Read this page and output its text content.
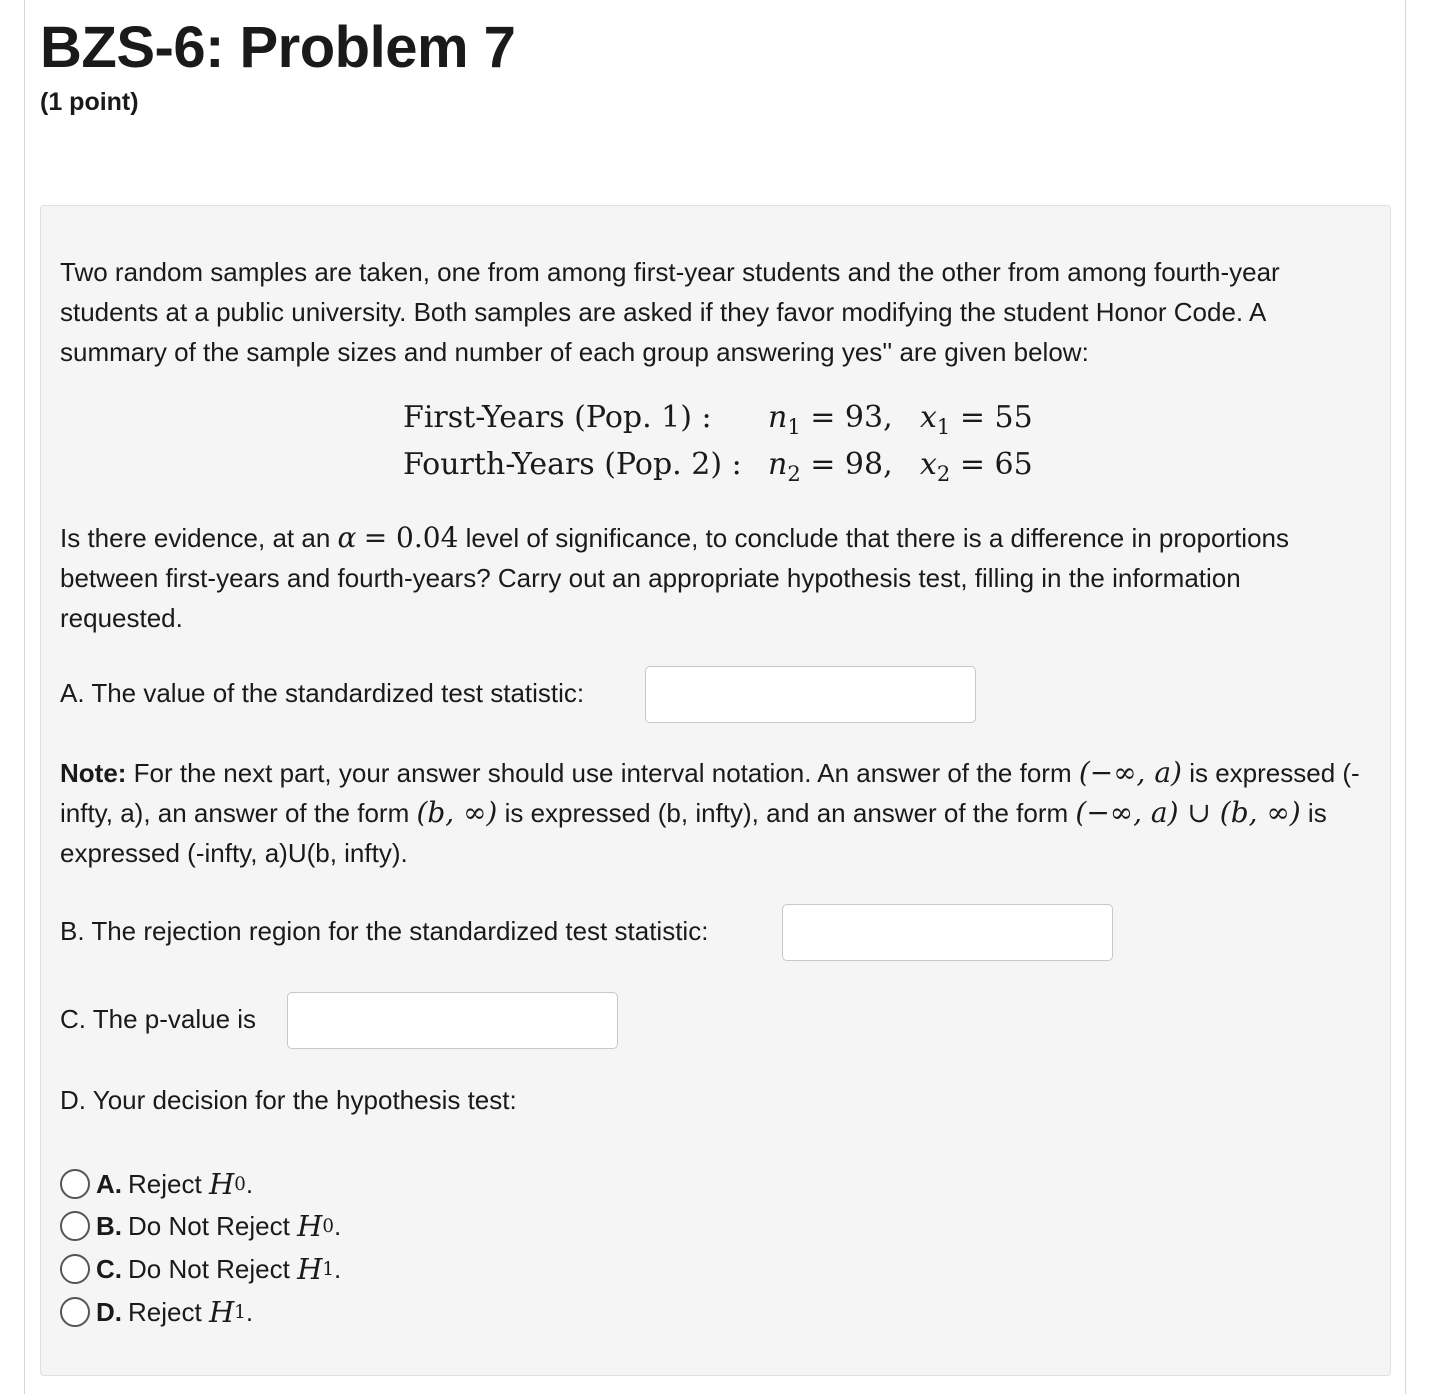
BZS-6: Problem 7
(1 point)

Two random samples are taken, one from among first-year students and the other from among fourth-year students at a public university. Both samples are asked if they favor modifying the student Honor Code. A summary of the sample sizes and number of each group answering yes'' are given below:

First-Years (Pop. 1) : $n_1 = 93$, $x_1 = 55$
Fourth-Years (Pop. 2) : $n_2 = 98$, $x_2 = 65$

Is there evidence, at an α = 0.04 level of significance, to conclude that there is a difference in proportions between first-years and fourth-years? Carry out an appropriate hypothesis test, filling in the information requested.

A. The value of the standardized test statistic:

Note: For the next part, your answer should use interval notation. An answer of the form (−∞, a) is expressed (-infty, a), an answer of the form (b, ∞) is expressed (b, infty), and an answer of the form (−∞, a) ∪ (b, ∞) is expressed (-infty, a)U(b, infty).

B. The rejection region for the standardized test statistic:
C. The p-value is
D. Your decision for the hypothesis test:
A. Reject
H 0 .
B. Do Not Reject
H 0 .
C. Do Not Reject
H 1 .
D. Reject
H 1 .
